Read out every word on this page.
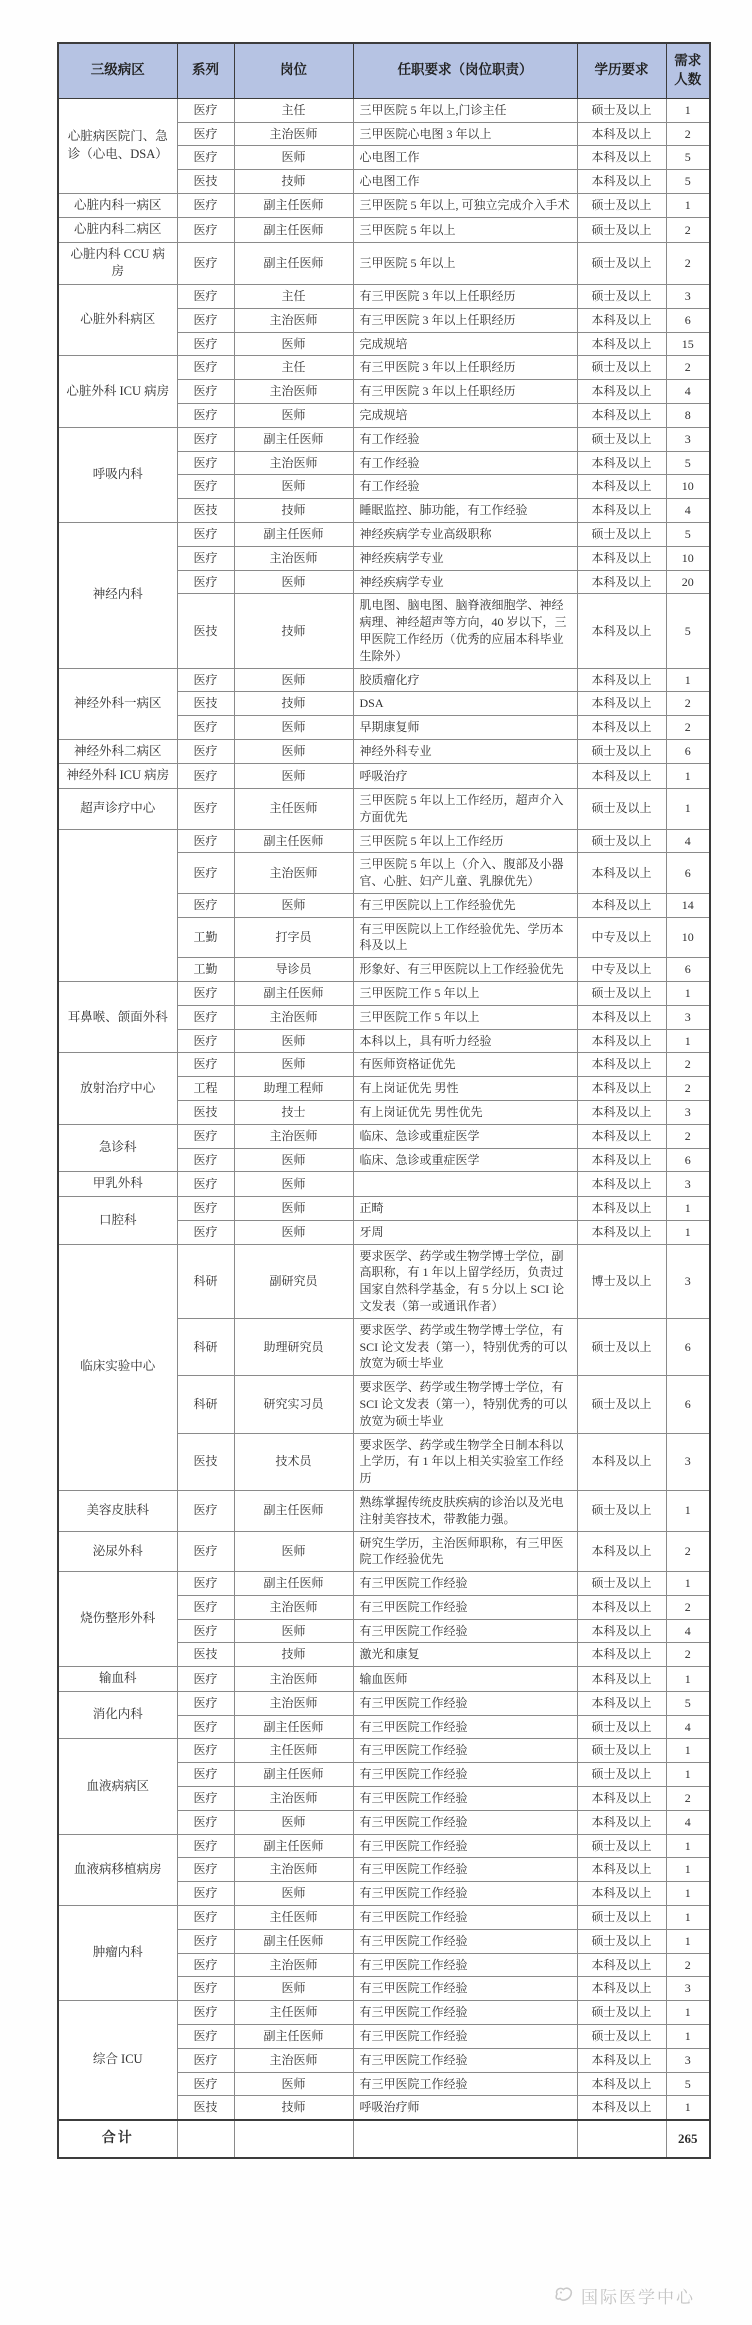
三级病区	系列	岗位	任职要求（岗位职责）	学历要求	需求人数
心脏病医院门、急诊（心电、DSA）	医疗	主任	三甲医院 5 年以上,门诊主任	硕士及以上	1
	医疗	主治医师	三甲医院心电图 3 年以上	本科及以上	2
	医疗	医师	心电图工作	本科及以上	5
	医技	技师	心电图工作	本科及以上	5
心脏内科一病区	医疗	副主任医师	三甲医院 5 年以上, 可独立完成介入手术	硕士及以上	1
心脏内科二病区	医疗	副主任医师	三甲医院 5 年以上	硕士及以上	2
心脏内科 CCU 病房	医疗	副主任医师	三甲医院 5 年以上	硕士及以上	2
心脏外科病区	医疗	主任	有三甲医院 3 年以上任职经历	硕士及以上	3
	医疗	主治医师	有三甲医院 3 年以上任职经历	本科及以上	6
	医疗	医师	完成规培	本科及以上	15
心脏外科 ICU 病房	医疗	主任	有三甲医院 3 年以上任职经历	硕士及以上	2
	医疗	主治医师	有三甲医院 3 年以上任职经历	本科及以上	4
	医疗	医师	完成规培	本科及以上	8
呼吸内科	医疗	副主任医师	有工作经验	硕士及以上	3
	医疗	主治医师	有工作经验	本科及以上	5
	医疗	医师	有工作经验	本科及以上	10
	医技	技师	睡眠监控、肺功能，有工作经验	本科及以上	4
神经内科	医疗	副主任医师	神经疾病学专业高级职称	硕士及以上	5
	医疗	主治医师	神经疾病学专业	本科及以上	10
	医疗	医师	神经疾病学专业	本科及以上	20
	医技	技师	肌电图、脑电图、脑脊液细胞学、神经病理、神经超声等方向，40 岁以下，三甲医院工作经历（优秀的应届本科毕业生除外）	本科及以上	5
神经外科一病区	医疗	医师	胶质瘤化疗	本科及以上	1
	医技	技师	DSA	本科及以上	2
	医疗	医师	早期康复师	本科及以上	2
神经外科二病区	医疗	医师	神经外科专业	硕士及以上	6
神经外科 ICU 病房	医疗	医师	呼吸治疗	本科及以上	1
超声诊疗中心	医疗	主任医师	三甲医院 5 年以上工作经历，超声介入方面优先	硕士及以上	1
	医疗	副主任医师	三甲医院 5 年以上工作经历	硕士及以上	4
	医疗	主治医师	三甲医院 5 年以上（介入、腹部及小器官、心脏、妇产儿童、乳腺优先）	本科及以上	6
	医疗	医师	有三甲医院以上工作经验优先	本科及以上	14
	工勤	打字员	有三甲医院以上工作经验优先、学历本科及以上	中专及以上	10
	工勤	导诊员	形象好、有三甲医院以上工作经验优先	中专及以上	6
耳鼻喉、颌面外科	医疗	副主任医师	三甲医院工作 5 年以上	硕士及以上	1
	医疗	主治医师	三甲医院工作 5 年以上	本科及以上	3
	医疗	医师	本科以上，具有听力经验	本科及以上	1
放射治疗中心	医疗	医师	有医师资格证优先	本科及以上	2
	工程	助理工程师	有上岗证优先 男性	本科及以上	2
	医技	技士	有上岗证优先 男性优先	本科及以上	3
急诊科	医疗	主治医师	临床、急诊或重症医学	本科及以上	2
	医疗	医师	临床、急诊或重症医学	本科及以上	6
甲乳外科	医疗	医师		本科及以上	3
口腔科	医疗	医师	正畸	本科及以上	1
	医疗	医师	牙周	本科及以上	1
临床实验中心	科研	副研究员	要求医学、药学或生物学博士学位，副高职称，有 1 年以上留学经历，负责过国家自然科学基金，有 5 分以上 SCI 论文发表（第一或通讯作者）	博士及以上	3
	科研	助理研究员	要求医学、药学或生物学博士学位，有 SCI 论文发表（第一），特别优秀的可以放宽为硕士毕业	硕士及以上	6
	科研	研究实习员	要求医学、药学或生物学博士学位，有 SCI 论文发表（第一），特别优秀的可以放宽为硕士毕业	硕士及以上	6
	医技	技术员	要求医学、药学或生物学全日制本科以上学历，有 1 年以上相关实验室工作经历	本科及以上	3
美容皮肤科	医疗	副主任医师	熟练掌握传统皮肤疾病的诊治以及光电注射美容技术，带教能力强。	硕士及以上	1
泌尿外科	医疗	医师	研究生学历，主治医师职称，有三甲医院工作经验优先	本科及以上	2
烧伤整形外科	医疗	副主任医师	有三甲医院工作经验	硕士及以上	1
	医疗	主治医师	有三甲医院工作经验	本科及以上	2
	医疗	医师	有三甲医院工作经验	本科及以上	4
	医技	技师	激光和康复	本科及以上	2
输血科	医疗	主治医师	输血医师	本科及以上	1
消化内科	医疗	主治医师	有三甲医院工作经验	本科及以上	5
	医疗	副主任医师	有三甲医院工作经验	硕士及以上	4
血液病病区	医疗	主任医师	有三甲医院工作经验	硕士及以上	1
	医疗	副主任医师	有三甲医院工作经验	硕士及以上	1
	医疗	主治医师	有三甲医院工作经验	本科及以上	2
	医疗	医师	有三甲医院工作经验	本科及以上	4
血液病移植病房	医疗	副主任医师	有三甲医院工作经验	硕士及以上	1
	医疗	主治医师	有三甲医院工作经验	本科及以上	1
	医疗	医师	有三甲医院工作经验	本科及以上	1
肿瘤内科	医疗	主任医师	有三甲医院工作经验	硕士及以上	1
	医疗	副主任医师	有三甲医院工作经验	硕士及以上	1
	医疗	主治医师	有三甲医院工作经验	本科及以上	2
	医疗	医师	有三甲医院工作经验	本科及以上	3
综合 ICU	医疗	主任医师	有三甲医院工作经验	硕士及以上	1
	医疗	副主任医师	有三甲医院工作经验	硕士及以上	1
	医疗	主治医师	有三甲医院工作经验	本科及以上	3
	医疗	医师	有三甲医院工作经验	本科及以上	5
	医技	技师	呼吸治疗师	本科及以上	1
合计					265
国际医学中心
